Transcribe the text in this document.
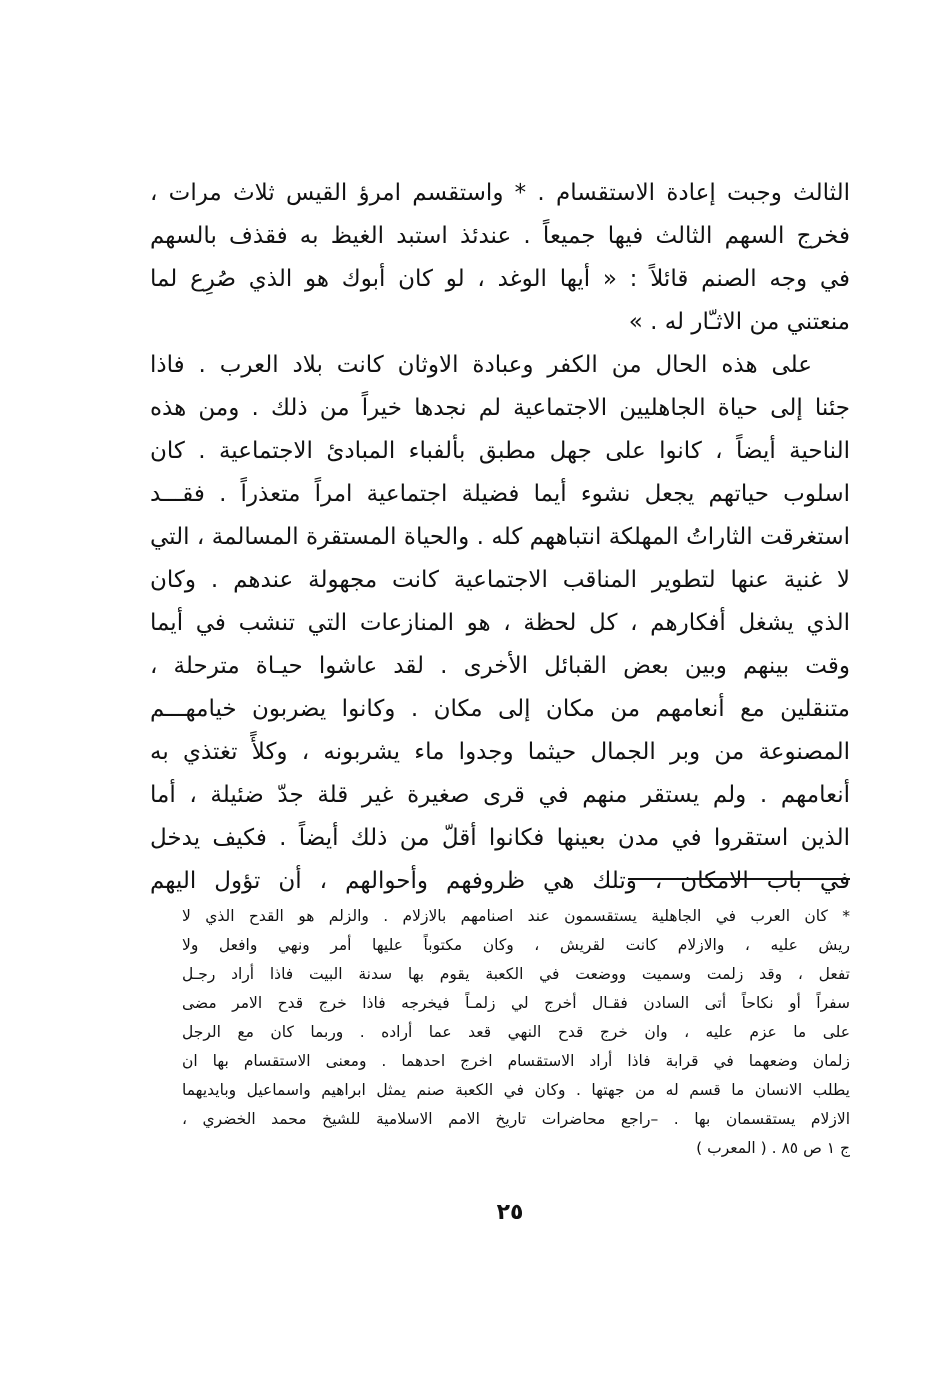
الثالث وجبت إعادة الاستقسام . * واستقسم امرؤ القيس ثلاث مرات ،
فخرج السهم الثالث فيها جميعاً . عندئذ استبد الغيظ به فقذف بالسهم
في وجه الصنم قائلاً : « أيها الوغد ، لو كان أبوك هو الذي صُرِع لما
منعتني من الاثـّار له . »
على هذه الحال من الكفر وعبادة الاوثان كانت بلاد العرب . فاذا
جئنا إلى حياة الجاهليين الاجتماعية لم نجدها خيراً من ذلك . ومن هذه
الناحية أيضاً ، كانوا على جهل مطبق بألفباء المبادئ الاجتماعية . كان
اسلوب حياتهم يجعل نشوء أيما فضيلة اجتماعية امراً متعذراً . فقـــد
استغرقت الثاراتُ المهلكة انتباههم كله . والحياة المستقرة المسالمة ، التي
لا غنية عنها لتطوير المناقب الاجتماعية كانت مجهولة عندهم . وكان
الذي يشغل أفكارهم ، كل لحظة ، هو المنازعات التي تنشب في أيما
وقت بينهم وبين بعض القبائل الأخرى . لقد عاشوا حيـاة مترحلة ،
متنقلين مع أنعامهم من مكان إلى مكان . وكانوا يضربون خيامهـــم
المصنوعة من وبر الجمال حيثما وجدوا ماء يشربونه ، وكلأً تغتذي به
أنعامهم . ولم يستقر منهم في قرى صغيرة غير قلة جدّ ضئيلة ، أما
الذين استقروا في مدن بعينها فكانوا أقلّ من ذلك أيضاً . فكيف يدخل
في باب الامكان ، وتلك هي ظروفهم وأحوالهم ، أن تؤول اليهم
* كان العرب في الجاهلية يستقسمون عند اصنامهم بالازلام . والزلم هو القدح الذي لا
ريش عليه ، والازلام كانت لقريش ، وكان مكتوباً عليها أمر ونهي وافعل ولا
تفعل ، وقد زلمت وسميت ووضعت في الكعبة يقوم بها سدنة البيت فاذا أراد رجـل
سفراً أو نكاحاً أتى السادن فقـال أخرج لي زلمـاً فيخرجه فاذا خرج قدح الامر مضى
على ما عزم عليه ، وان خرج قدح النهي قعد عما أراده . وربما كان مع الرجل
زلمان وضعهما في قرابة فاذا أراد الاستقسام اخرج احدهما . ومعنى الاستقسام بها ان
يطلب الانسان ما قسم له من جهتها . وكان في الكعبة صنم يمثل ابراهيم واسماعيل وبايديهما
الازلام يستقسمان بها . –راجع محاضرات تاريخ الامم الاسلامية للشيخ محمد الخضري ،
ج ١ ص ٨٥ . ( المعرب )
٢٥
